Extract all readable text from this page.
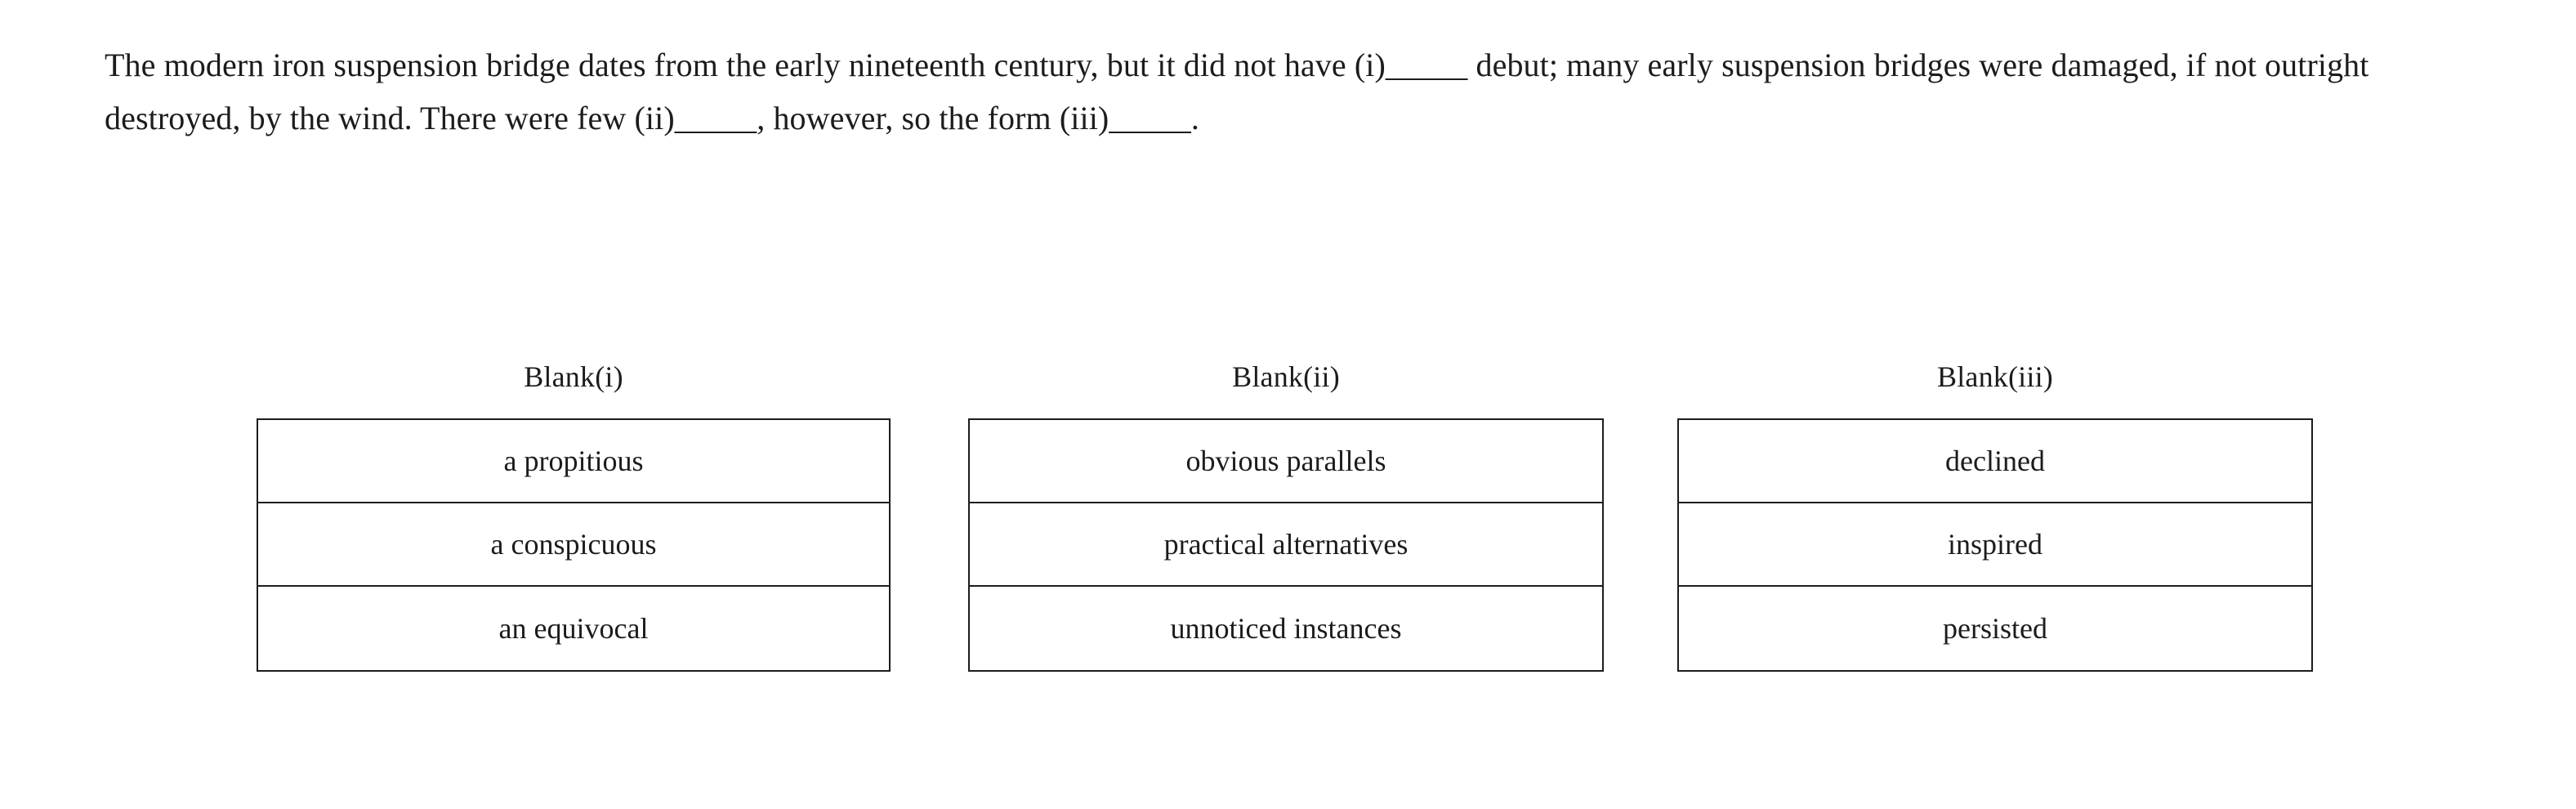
The modern iron suspension bridge dates from the early nineteenth century, but it did not have (i)_____ debut; many early suspension bridges were damaged, if not outright destroyed, by the wind. There were few (ii)_____, however, so the form (iii)_____.
Blank(i)
a propitious
a conspicuous
an equivocal
Blank(ii)
obvious parallels
practical alternatives
unnoticed instances
Blank(iii)
declined
inspired
persisted
